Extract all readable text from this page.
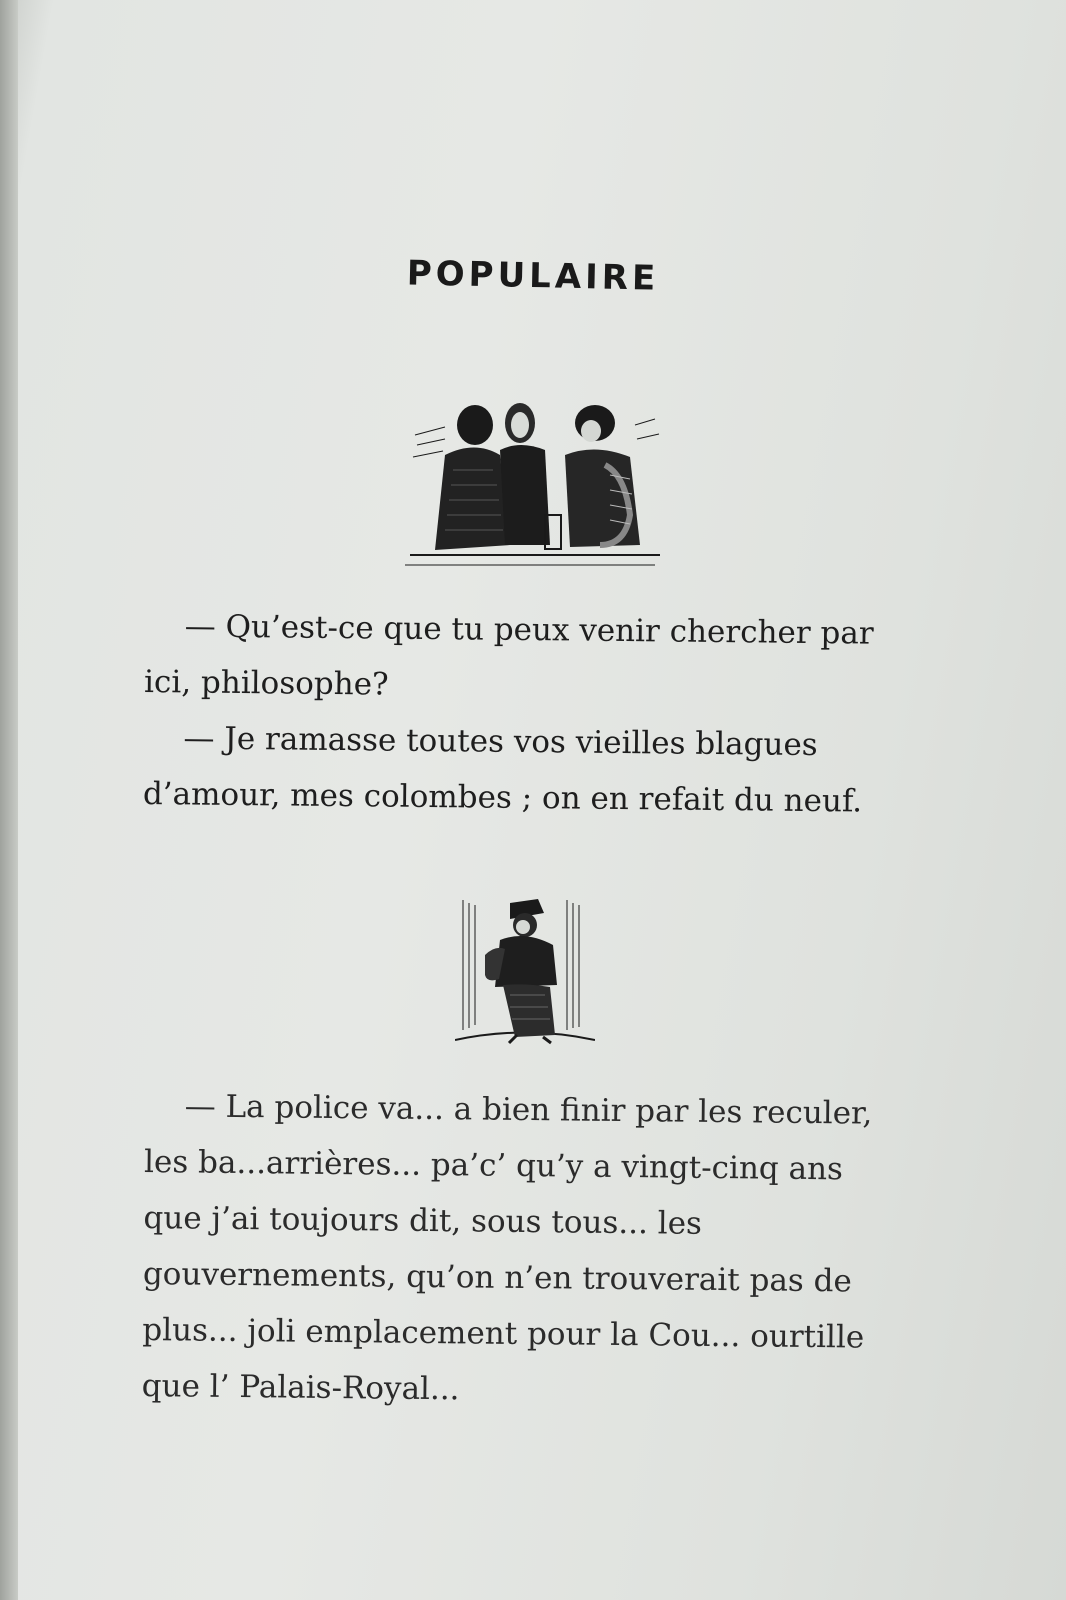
POPULAIRE

— Qu’est-ce que tu peux venir chercher par ici, philosophe?

— Je ramasse toutes vos vieilles blagues d’amour, mes colombes ; on en refait du neuf.

— La police va... a bien finir par les reculer, les ba...arrières... pa’c’ qu’y a vingt-cinq ans que j’ai toujours dit, sous tous... les gouvernements, qu’on n’en trouverait pas de plus... joli emplacement pour la Cou... ourtille que l’ Palais-Royal...
